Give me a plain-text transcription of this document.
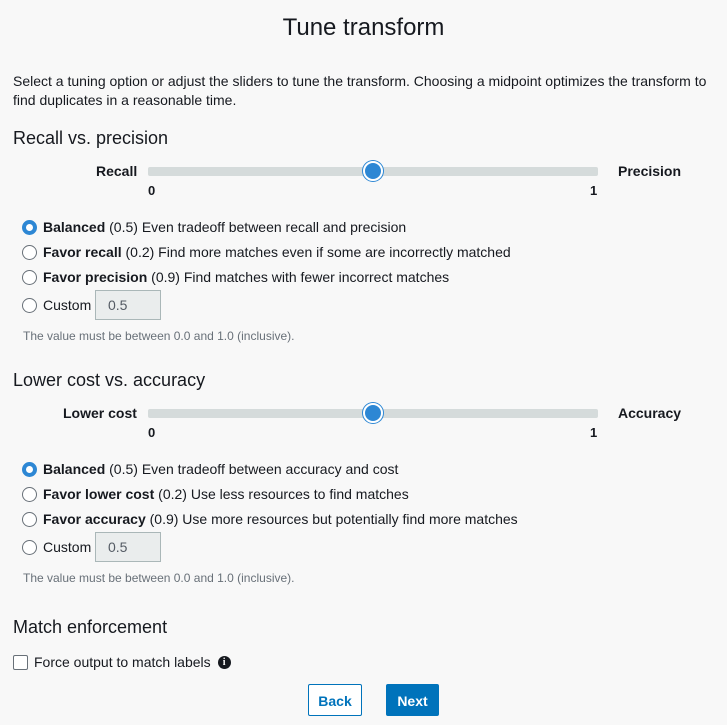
Tune transform
Select a tuning option or adjust the sliders to tune the transform. Choosing a midpoint optimizes the transform to find duplicates in a reasonable time.
Recall vs. precision
Recall	Precision
0	1
Balanced (0.5) Even tradeoff between recall and precision
Favor recall (0.2) Find more matches even if some are incorrectly matched
Favor precision (0.9) Find matches with fewer incorrect matches
Custom	0.5
The value must be between 0.0 and 1.0 (inclusive).
Lower cost vs. accuracy
Lower cost	Accuracy
0	1
Balanced (0.5) Even tradeoff between accuracy and cost
Favor lower cost (0.2) Use less resources to find matches
Favor accuracy (0.9) Use more resources but potentially find more matches
Custom	0.5
The value must be between 0.0 and 1.0 (inclusive).
Match enforcement
Force output to match labels	i
Back	Next
